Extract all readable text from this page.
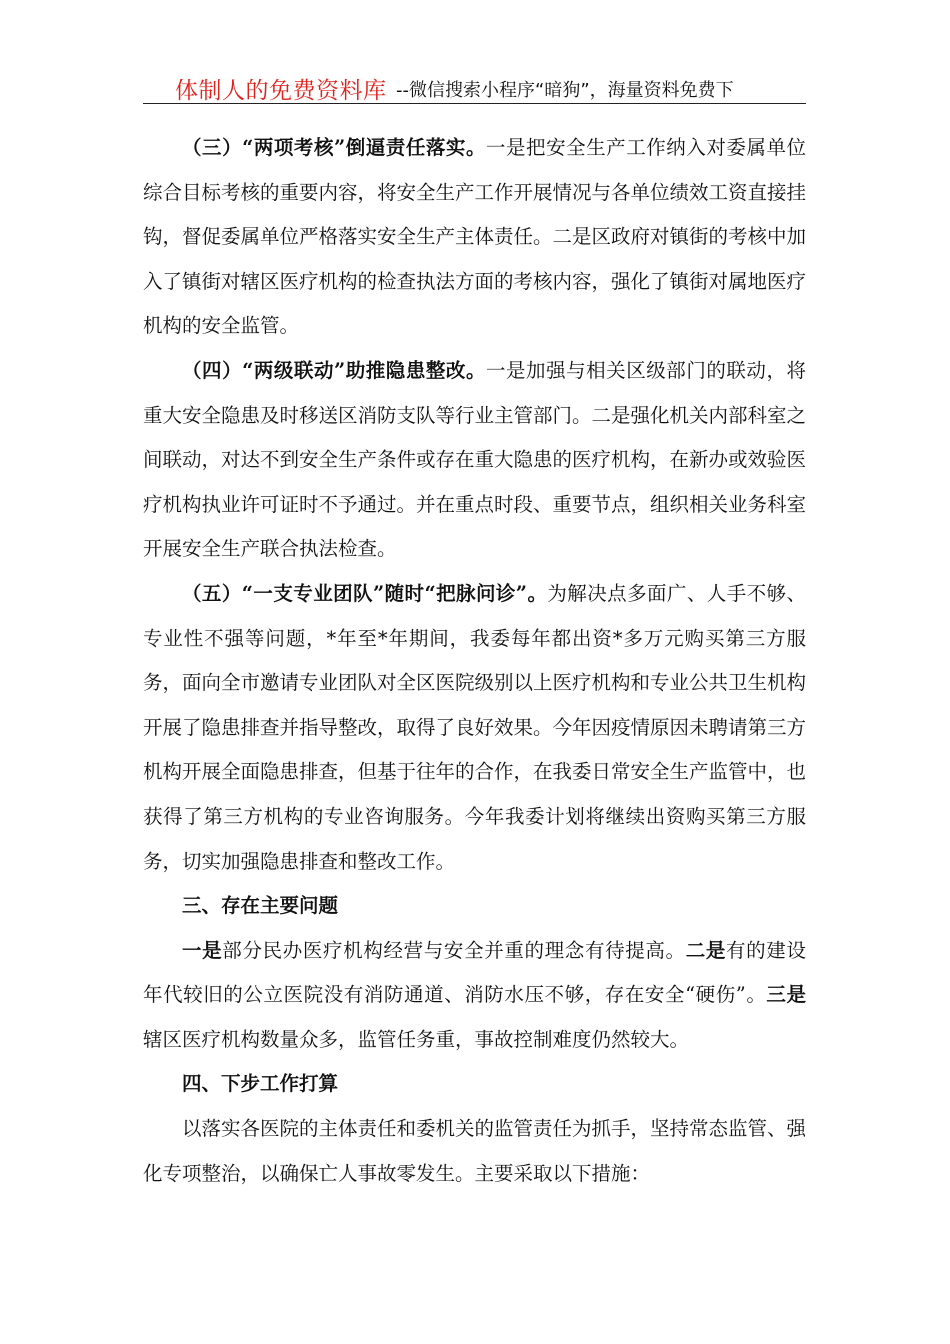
体制人的免费资料库 --微信搜索小程序“暗狗”，海量资料免费下

（三）“两项考核”倒逼责任落实。一是把安全生产工作纳入对委属单位综合目标考核的重要内容，将安全生产工作开展情况与各单位绩效工资直接挂钩，督促委属单位严格落实安全生产主体责任。二是区政府对镇街的考核中加入了镇街对辖区医疗机构的检查执法方面的考核内容，强化了镇街对属地医疗机构的安全监管。

（四）“两级联动”助推隐患整改。一是加强与相关区级部门的联动，将重大安全隐患及时移送区消防支队等行业主管部门。二是强化机关内部科室之间联动，对达不到安全生产条件或存在重大隐患的医疗机构，在新办或效验医疗机构执业许可证时不予通过。并在重点时段、重要节点，组织相关业务科室开展安全生产联合执法检查。

（五）“一支专业团队”随时“把脉问诊”。为解决点多面广、人手不够、专业性不强等问题，*年至*年期间，我委每年都出资*多万元购买第三方服务，面向全市邀请专业团队对全区医院级别以上医疗机构和专业公共卫生机构开展了隐患排查并指导整改，取得了良好效果。今年因疫情原因未聘请第三方机构开展全面隐患排查，但基于往年的合作，在我委日常安全生产监管中，也获得了第三方机构的专业咨询服务。今年我委计划将继续出资购买第三方服务，切实加强隐患排查和整改工作。

三、存在主要问题

一是部分民办医疗机构经营与安全并重的理念有待提高。二是有的建设年代较旧的公立医院没有消防通道、消防水压不够，存在安全“硬伤”。三是辖区医疗机构数量众多，监管任务重，事故控制难度仍然较大。

四、下步工作打算

以落实各医院的主体责任和委机关的监管责任为抓手，坚持常态监管、强化专项整治，以确保亡人事故零发生。主要采取以下措施：
